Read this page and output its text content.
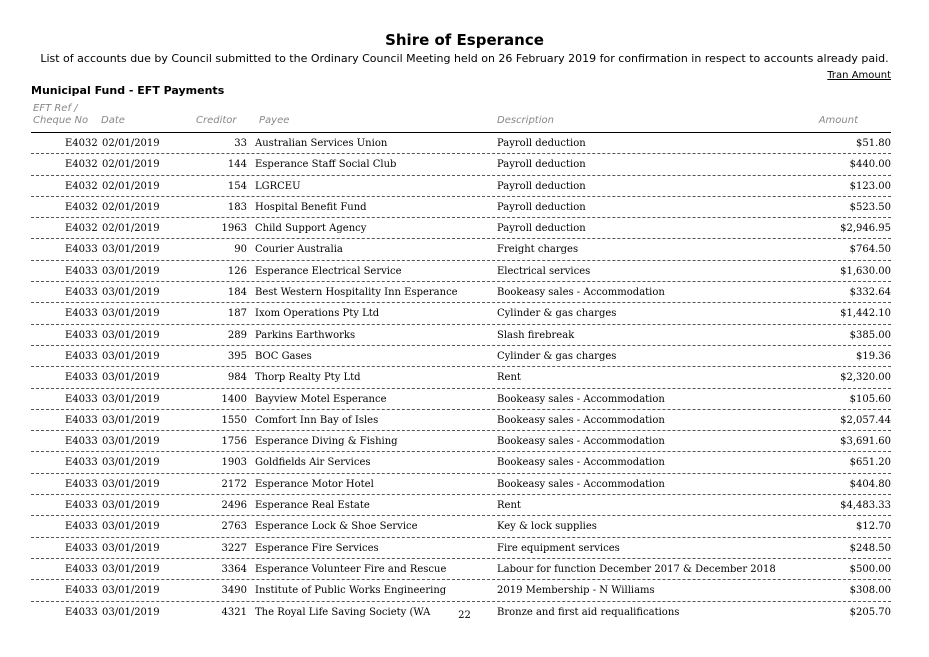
Shire of Esperance
List of accounts due by Council submitted to the Ordinary Council Meeting held on 26 February 2019 for confirmation in respect to accounts already paid.
Tran Amount
Municipal Fund - EFT Payments
EFT Ref /
Cheque No Date	Creditor Payee	Description	Amount
E4032 02/01/2019	33 Australian Services Union	Payroll deduction	$51.80
E4032 02/01/2019	144 Esperance Staff Social Club	Payroll deduction	$440.00
E4032 02/01/2019	154 LGRCEU	Payroll deduction	$123.00
E4032 02/01/2019	183 Hospital Benefit Fund	Payroll deduction	$523.50
E4032 02/01/2019	1963 Child Support Agency	Payroll deduction	$2,946.95
E4033 03/01/2019	90 Courier Australia	Freight charges	$764.50
E4033 03/01/2019	126 Esperance Electrical Service	Electrical services	$1,630.00
E4033 03/01/2019	184 Best Western Hospitality Inn Esperance	Bookeasy sales - Accommodation	$332.64
E4033 03/01/2019	187 Ixom Operations Pty Ltd	Cylinder & gas charges	$1,442.10
E4033 03/01/2019	289 Parkins Earthworks	Slash firebreak	$385.00
E4033 03/01/2019	395 BOC Gases	Cylinder & gas charges	$19.36
E4033 03/01/2019	984 Thorp Realty Pty Ltd	Rent	$2,320.00
E4033 03/01/2019	1400 Bayview Motel Esperance	Bookeasy sales - Accommodation	$105.60
E4033 03/01/2019	1550 Comfort Inn Bay of Isles	Bookeasy sales - Accommodation	$2,057.44
E4033 03/01/2019	1756 Esperance Diving & Fishing	Bookeasy sales - Accommodation	$3,691.60
E4033 03/01/2019	1903 Goldfields Air Services	Bookeasy sales - Accommodation	$651.20
E4033 03/01/2019	2172 Esperance Motor Hotel	Bookeasy sales - Accommodation	$404.80
E4033 03/01/2019	2496 Esperance Real Estate	Rent	$4,483.33
E4033 03/01/2019	2763 Esperance Lock & Shoe Service	Key & lock supplies	$12.70
E4033 03/01/2019	3227 Esperance Fire Services	Fire equipment services	$248.50
E4033 03/01/2019	3364 Esperance Volunteer Fire and Rescue	Labour for function December 2017 & December 2018	$500.00
E4033 03/01/2019	3490 Institute of Public Works Engineering	2019 Membership - N Williams	$308.00
E4033 03/01/2019	4321 The Royal Life Saving Society (WA	Bronze and first aid requalifications	$205.70
22
